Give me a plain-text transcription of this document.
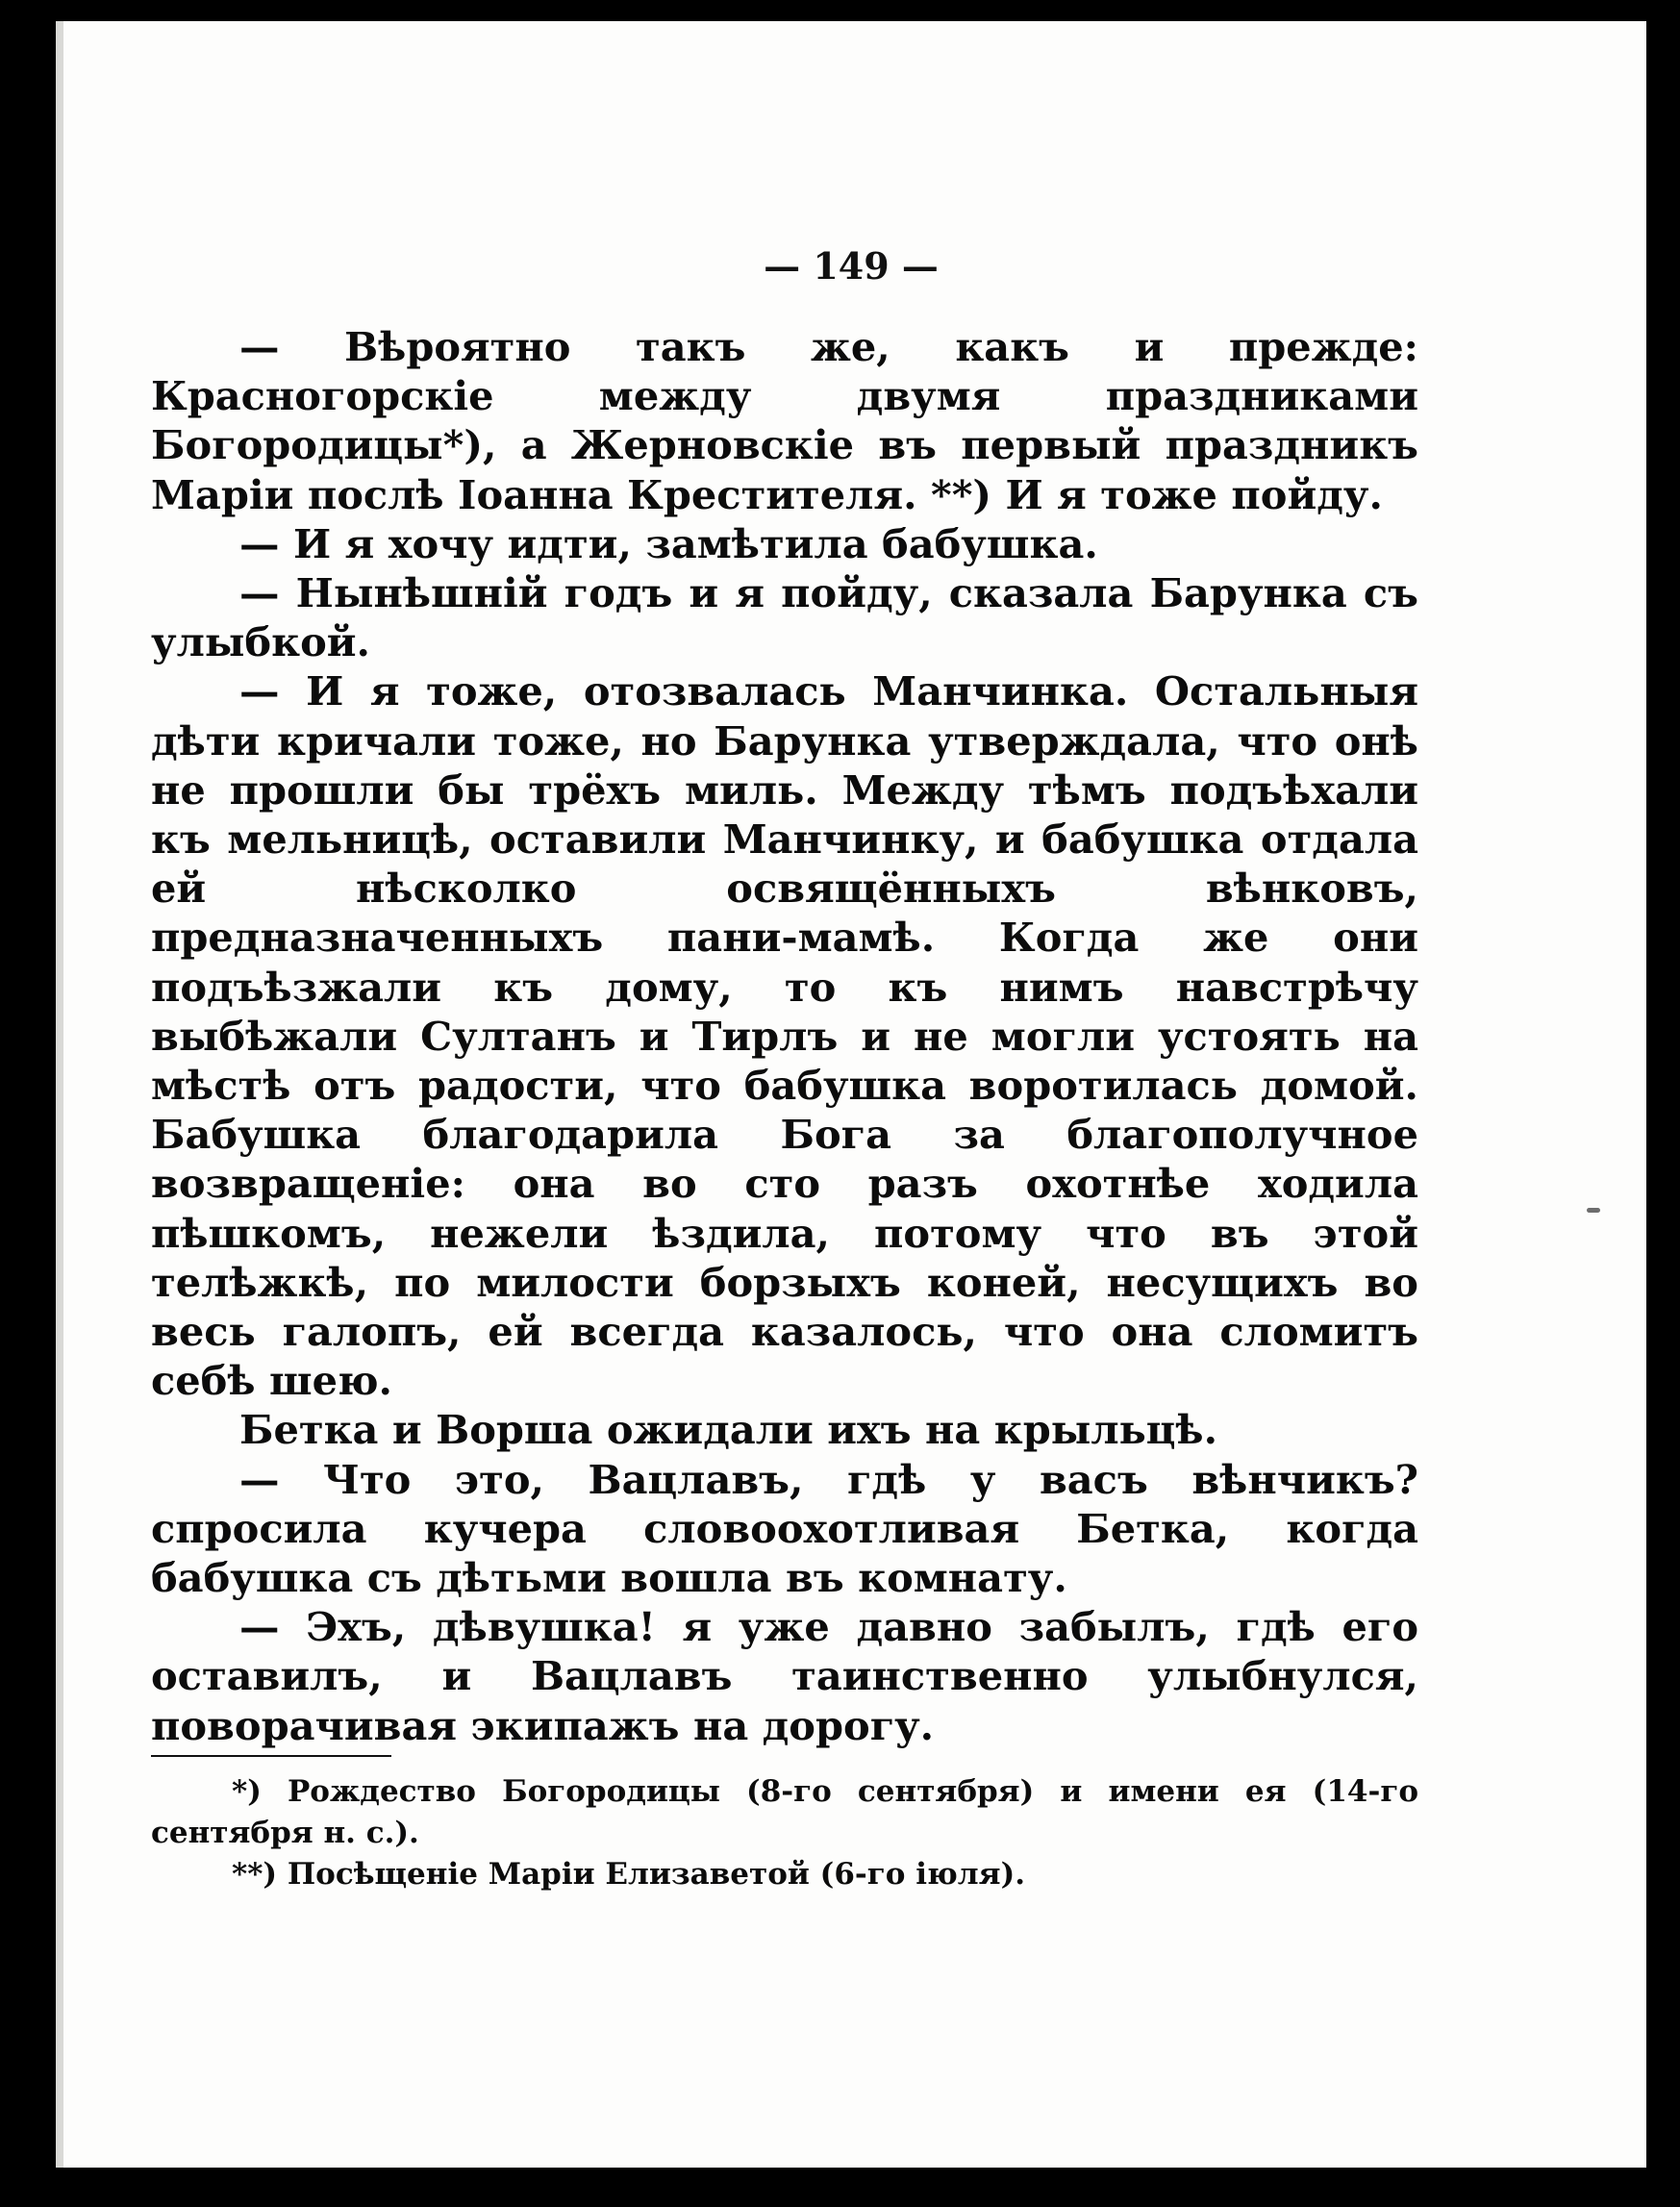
— 149 —

— Вѣроятно такъ же, какъ и прежде: Красногорскіе между двумя праздниками Богородицы*), а Жерновскіе въ первый праздникъ Маріи послѣ Іоанна Крестителя. **) И я тоже пойду.

— И я хочу идти, замѣтила бабушка.

— Нынѣшній годъ и я пойду, сказала Барунка съ улыбкой.

— И я тоже, отозвалась Манчинка. Остальныя дѣти кричали тоже, но Барунка утверждала, что онѣ не прошли бы трёхъ миль. Между тѣмъ подъѣхали къ мельницѣ, оставили Манчинку, и бабушка отдала ей нѣсколко освящённыхъ вѣнковъ, предназначенныхъ пани-мамѣ. Когда же они подъѣзжали къ дому, то къ нимъ навстрѣчу выбѣжали Султанъ и Тирлъ и не могли устоять на мѣстѣ отъ радости, что бабушка воротилась домой. Бабушка благодарила Бога за благополучное возвращеніе: она во сто разъ охотнѣе ходила пѣшкомъ, нежели ѣздила, потому что въ этой телѣжкѣ, по милости борзыхъ коней, несущихъ во весь галопъ, ей всегда казалось, что она сломитъ себѣ шею.

Бетка и Ворша ожидали ихъ на крыльцѣ.

— Что это, Вацлавъ, гдѣ у васъ вѣнчикъ? спросила кучера словоохотливая Бетка, когда бабушка съ дѣтьми вошла въ комнату.

— Эхъ, дѣвушка! я уже давно забылъ, гдѣ его оставилъ, и Вацлавъ таинственно улыбнулся, поворачивая экипажъ на дорогу.

*) Рождество Богородицы (8-го сентября) и имени ея (14-го сентября н. с.).

**) Посѣщеніе Маріи Елизаветой (6-го іюля).
